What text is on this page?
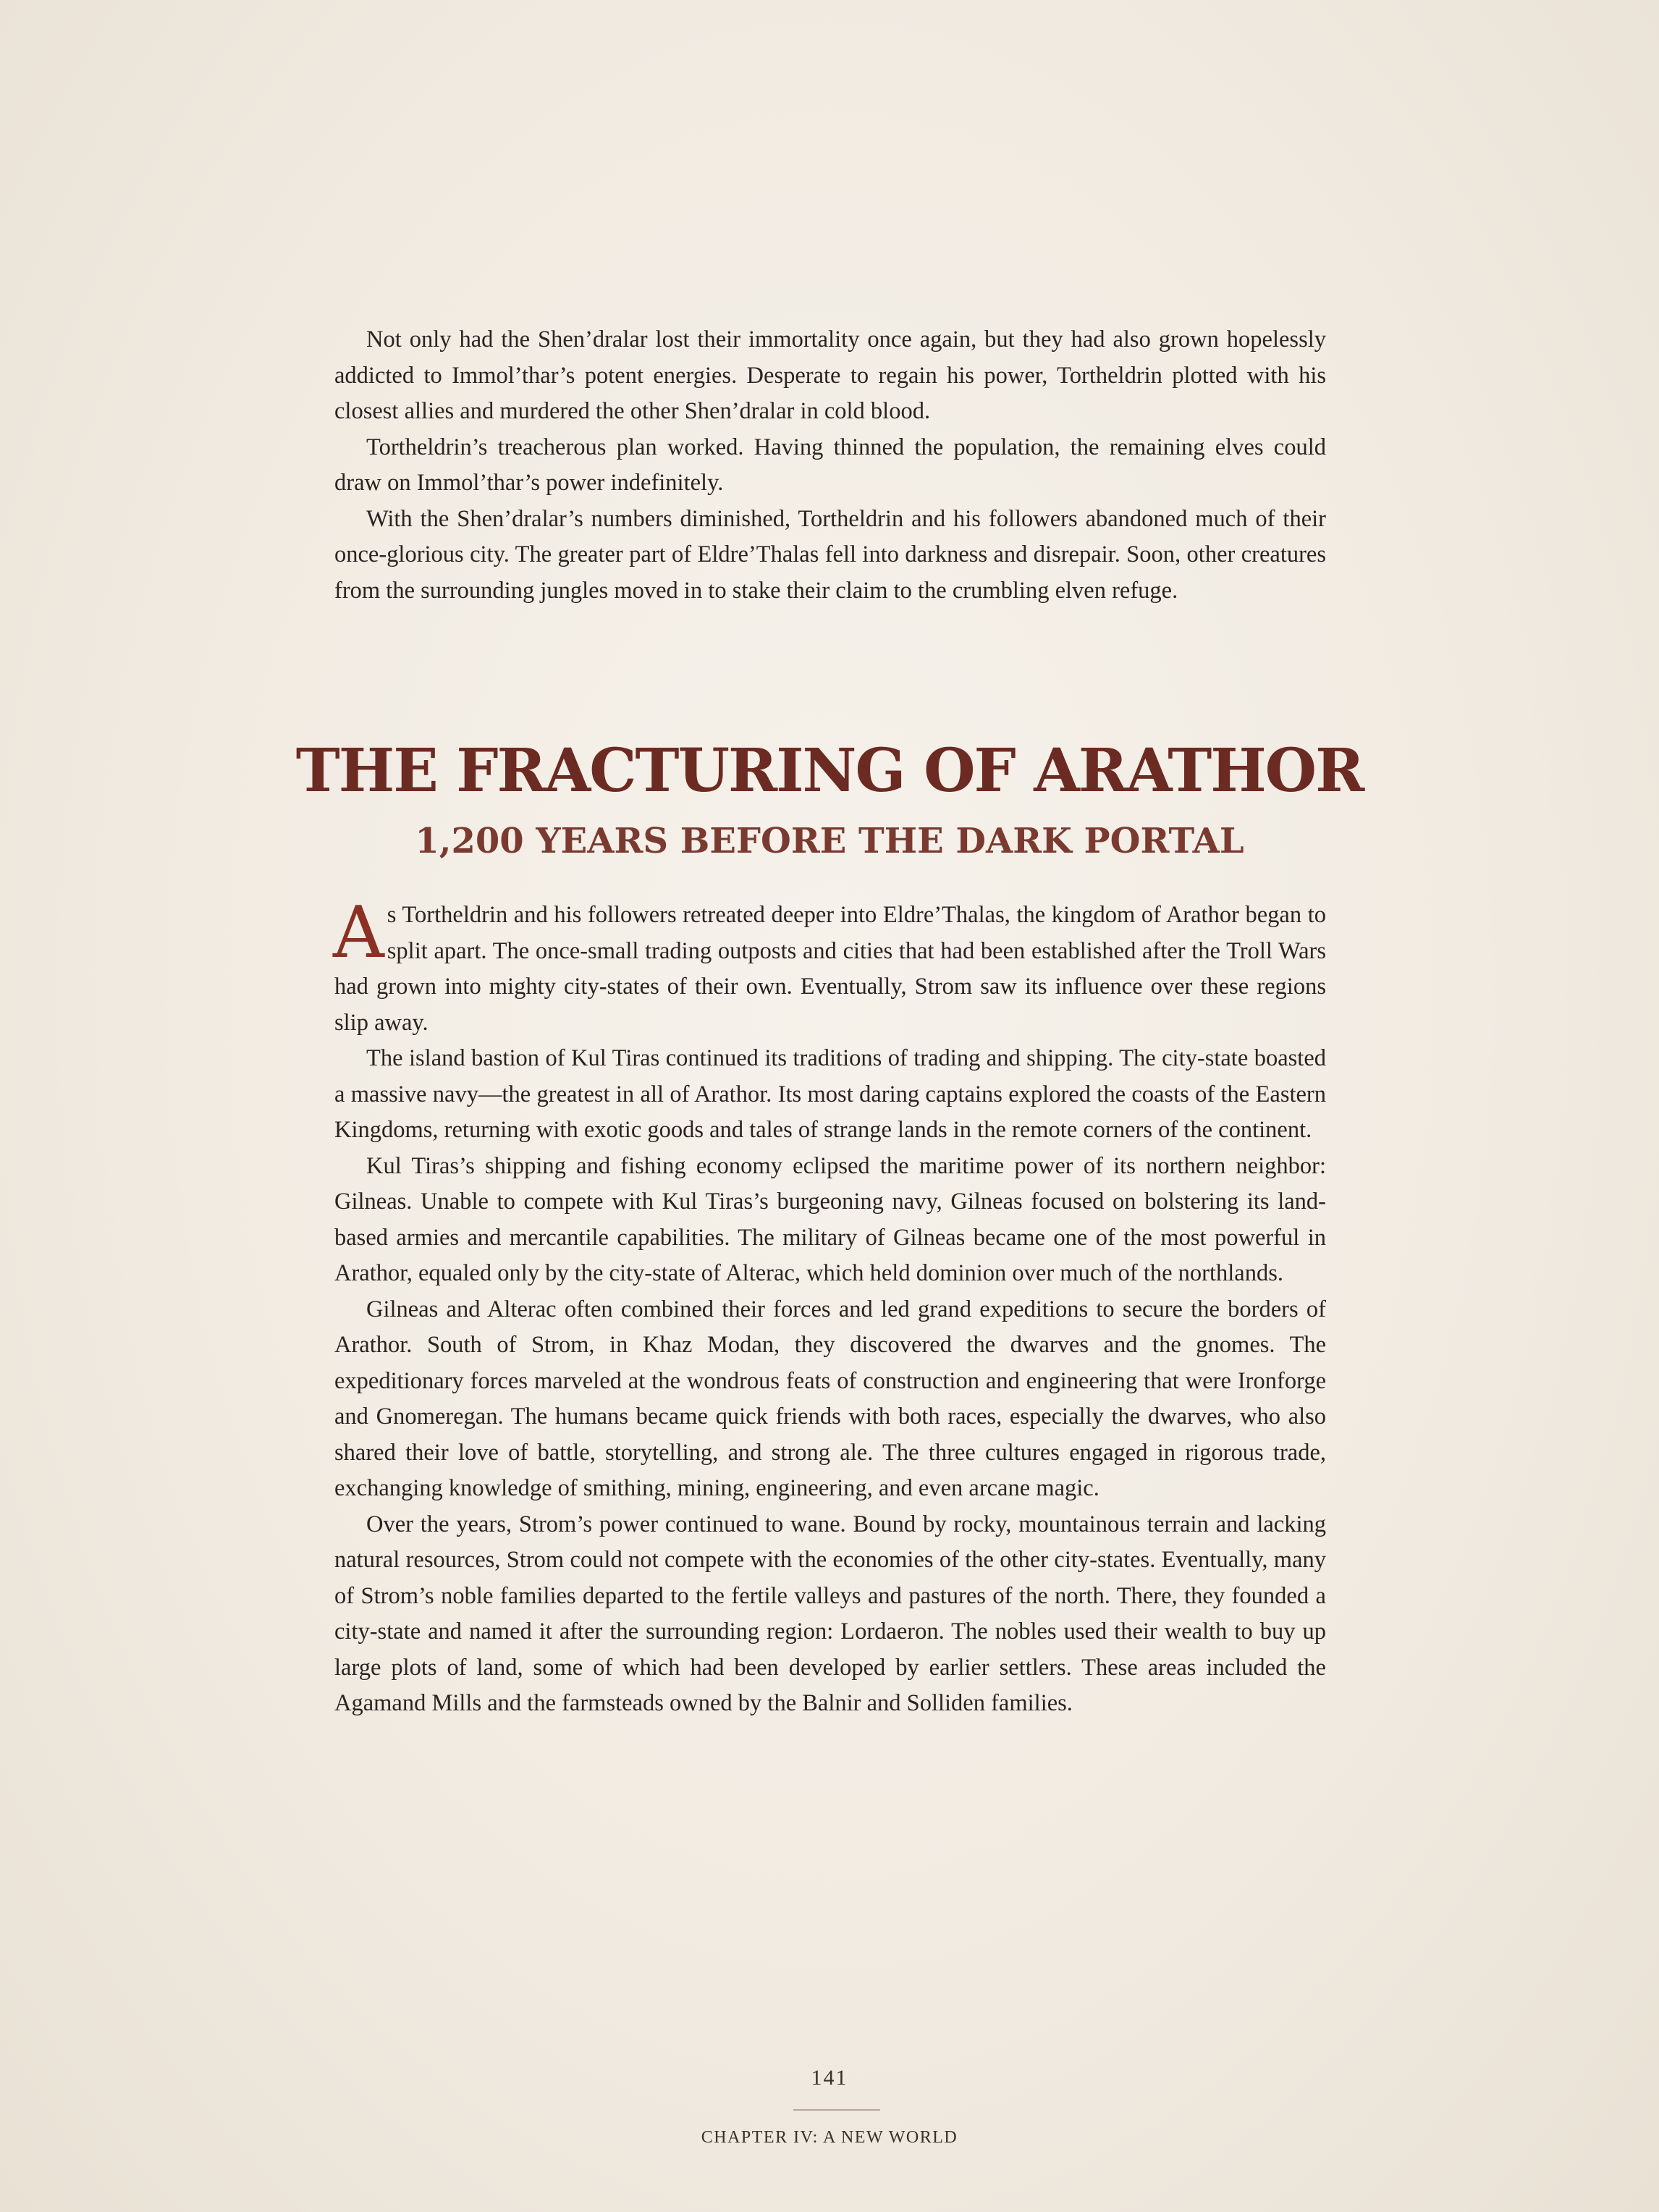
Not only had the Shen’dralar lost their immortality once again, but they had also grown hopelessly addicted to Immol’thar’s potent energies. Desperate to regain his power, Tortheldrin plotted with his closest allies and murdered the other Shen’dralar in cold blood.

Tortheldrin’s treacherous plan worked. Having thinned the population, the remaining elves could draw on Immol’thar’s power indefinitely.

With the Shen’dralar’s numbers diminished, Tortheldrin and his followers abandoned much of their once-glorious city. The greater part of Eldre’Thalas fell into darkness and disrepair. Soon, other creatures from the surrounding jungles moved in to stake their claim to the crumbling elven refuge.

THE FRACTURING OF ARATHOR
1,200 YEARS BEFORE THE DARK PORTAL

As Tortheldrin and his followers retreated deeper into Eldre’Thalas, the kingdom of Arathor began to split apart. The once-small trading outposts and cities that had been established after the Troll Wars had grown into mighty city-states of their own. Eventually, Strom saw its influence over these regions slip away.

The island bastion of Kul Tiras continued its traditions of trading and shipping. The city-state boasted a massive navy—the greatest in all of Arathor. Its most daring captains explored the coasts of the Eastern Kingdoms, returning with exotic goods and tales of strange lands in the remote corners of the continent.

Kul Tiras’s shipping and fishing economy eclipsed the maritime power of its northern neighbor: Gilneas. Unable to compete with Kul Tiras’s burgeoning navy, Gilneas focused on bolstering its land-based armies and mercantile capabilities. The military of Gilneas became one of the most powerful in Arathor, equaled only by the city-state of Alterac, which held dominion over much of the northlands.

Gilneas and Alterac often combined their forces and led grand expeditions to secure the borders of Arathor. South of Strom, in Khaz Modan, they discovered the dwarves and the gnomes. The expeditionary forces marveled at the wondrous feats of construction and engineering that were Ironforge and Gnomeregan. The humans became quick friends with both races, especially the dwarves, who also shared their love of battle, storytelling, and strong ale. The three cultures engaged in rigorous trade, exchanging knowledge of smithing, mining, engineering, and even arcane magic.

Over the years, Strom’s power continued to wane. Bound by rocky, mountainous terrain and lacking natural resources, Strom could not compete with the economies of the other city-states. Eventually, many of Strom’s noble families departed to the fertile valleys and pastures of the north. There, they founded a city-state and named it after the surrounding region: Lordaeron. The nobles used their wealth to buy up large plots of land, some of which had been developed by earlier settlers. These areas included the Agamand Mills and the farmsteads owned by the Balnir and Solliden families.

141
CHAPTER IV: A NEW WORLD
